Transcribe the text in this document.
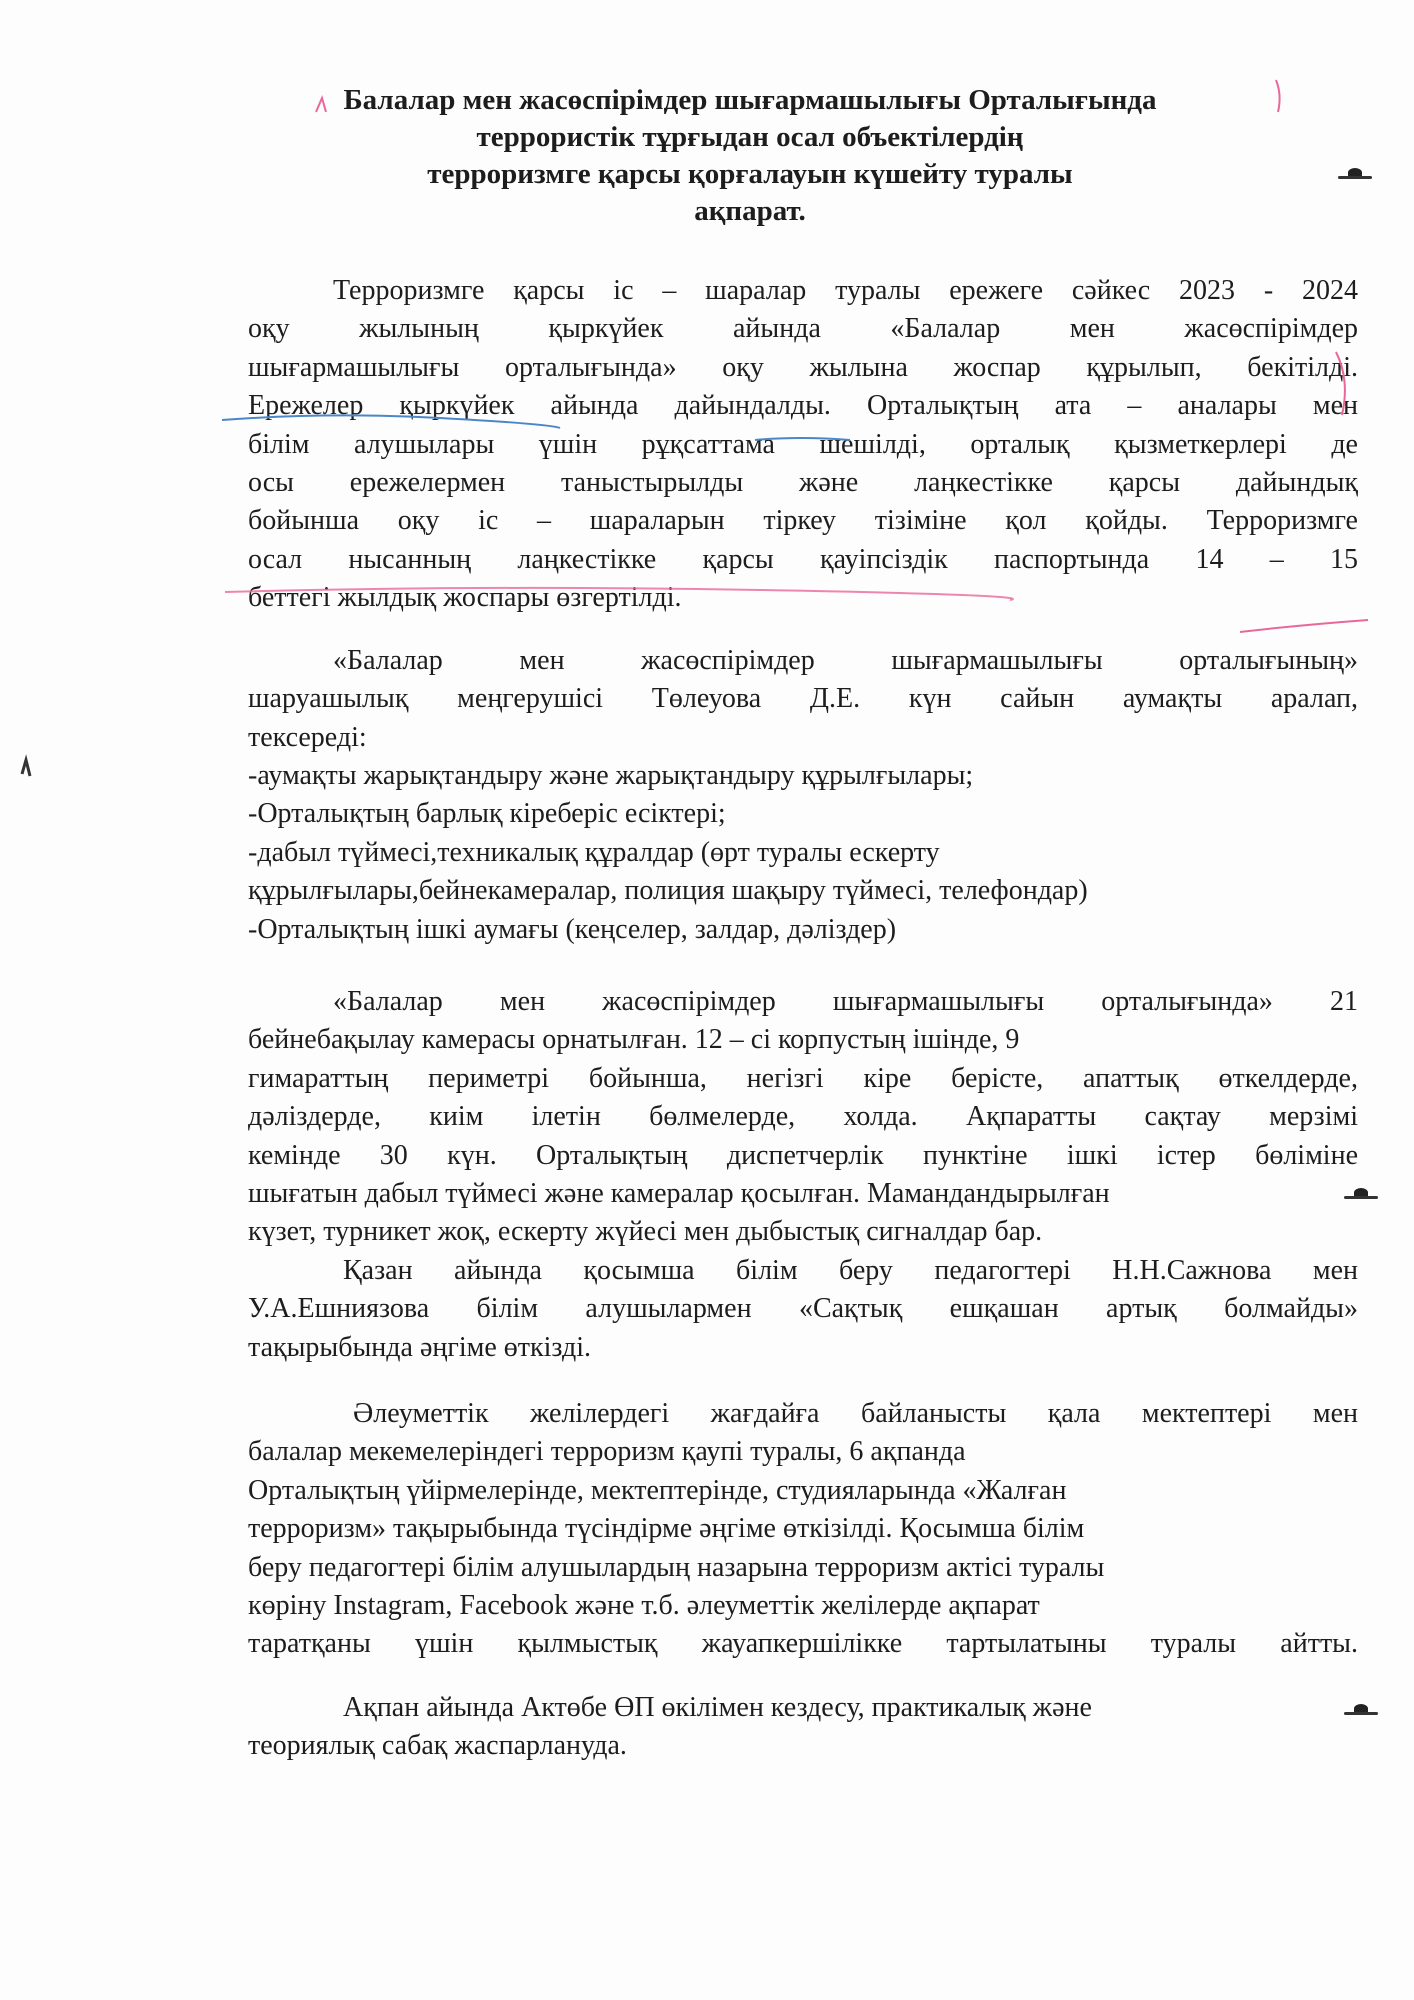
Балалар мен жасөспірімдер шығармашылығы Орталығында
террористік тұрғыдан осал объектілердің
терроризмге қарсы қорғалауын күшейту туралы
ақпарат.
Терроризмге қарсы іс – шаралар туралы ережеге сәйкес 2023 - 2024
оқу жылының қыркүйек айында «Балалар мен жасөспірімдер
шығармашылығы орталығында» оқу жылына жоспар құрылып, бекітілді.
Ережелер қыркүйек айында дайындалды. Орталықтың ата – аналары мен
білім алушылары үшін рұқсаттама шешілді, орталық қызметкерлері де
осы ережелермен таныстырылды және лаңкестікке қарсы дайындық
бойынша оқу іс – шараларын тіркеу тізіміне қол қойды. Терроризмге
осал нысанның лаңкестікке қарсы қауіпсіздік паспортында 14 – 15
беттегі жылдық жоспары өзгертілді.
«Балалар мен жасөспірімдер шығармашылығы орталығының»
шаруашылық меңгерушісі Төлеуова Д.Е. күн сайын аумақты аралап,
тексереді:
-аумақты жарықтандыру және жарықтандыру құрылғылары;
-Орталықтың барлық кіреберіс есіктері;
-дабыл түймесі,техникалық құралдар (өрт туралы ескерту
құрылғылары,бейнекамералар, полиция шақыру түймесі, телефондар)
-Орталықтың ішкі аумағы (кеңселер, залдар, дәліздер)
«Балалар мен жасөспірімдер шығармашылығы орталығында» 21
бейнебақылау камерасы орнатылған. 12 – сі корпустың ішінде, 9
гимараттың периметрі бойынша, негізгі кіре берісте, апаттық өткелдерде,
дәліздерде, киім ілетін бөлмелерде, холда. Ақпаратты сақтау мерзімі
кемінде 30 күн. Орталықтың диспетчерлік пунктіне ішкі істер бөліміне
шығатын дабыл түймесі және камералар қосылған. Мамандандырылған
күзет, турникет жоқ, ескерту жүйесі мен дыбыстық сигналдар бар.
Қазан айында қосымша білім беру педагогтері Н.Н.Сажнова мен
У.А.Ешниязова білім алушылармен «Сақтық ешқашан артық болмайды»
тақырыбында әңгіме өткізді.
Әлеуметтік желілердегі жағдайға байланысты қала мектептері мен
балалар мекемелеріндегі терроризм қаупі туралы, 6 ақпанда
Орталықтың үйірмелерінде, мектептерінде, студияларында «Жалған
терроризм» тақырыбында түсіндірме әңгіме өткізілді. Қосымша білім
беру педагогтері білім алушылардың назарына терроризм актісі туралы
көріну Instagram, Facebook және т.б. әлеуметтік желілерде ақпарат
таратқаны үшін қылмыстық жауапкершілікке тартылатыны туралы айтты.
Ақпан айында Актөбе ӨП өкілімен кездесу, практикалық және
теориялық сабақ жаспарлануда.
